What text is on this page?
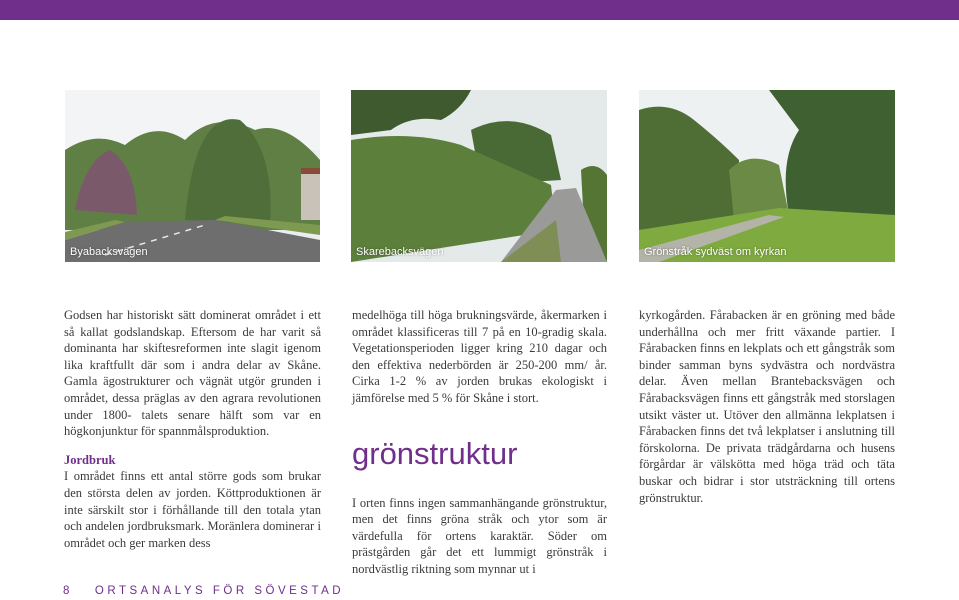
Byabacksvägen	Skarebacksvägen	Grönstråk sydväst om kyrkan

Godsen har historiskt sätt dominerat området i ett så kallat godslandskap. Eftersom de har varit så dominanta har skiftesreformen inte slagit igenom lika kraftfullt där som i andra delar av Skåne. Gamla ägostrukturer och vägnät utgör grunden i området, dessa präglas av den agrara revolutionen under 1800- talets senare hälft som var en högkonjunktur för spannmålsproduktion.

Jordbruk

I området finns ett antal större gods som brukar den största delen av jorden. Köttproduktionen är inte särskilt stor i förhållande till den totala ytan och andelen jordbruksmark. Moränlera dominerar i området och ger marken dess

medelhöga till höga brukningsvärde, åkermarken i området klassificeras till 7 på en 10-gradig skala. Vegetationsperioden ligger kring 210 dagar och den effektiva nederbörden är 250-200 mm/ år. Cirka 1-2 % av jorden brukas ekologiskt i jämförelse med 5 % för Skåne i stort.

grönstruktur

I orten finns ingen sammanhängande grönstruktur, men det finns gröna stråk och ytor som är värdefulla för ortens karaktär. Söder om prästgården går det ett lummigt grönstråk i nordvästlig riktning som mynnar ut i

kyrkogården. Fårabacken är en gröning med både underhållna och mer fritt växande partier. I Fårabacken finns en lekplats och ett gångstråk som binder samman byns sydvästra och nordvästra delar. Även mellan Brantebacksvägen och Fårabacksvägen finns ett gångstråk med storslagen utsikt väster ut. Utöver den allmänna lekplatsen i Fårabacken finns det två lekplatser i anslutning till förskolorna. De privata trädgårdarna och husens förgårdar är välskötta med höga träd och täta buskar och bidrar i stor utsträckning till ortens grönstruktur.

8 ORTSANALYS FÖR SÖVESTAD
